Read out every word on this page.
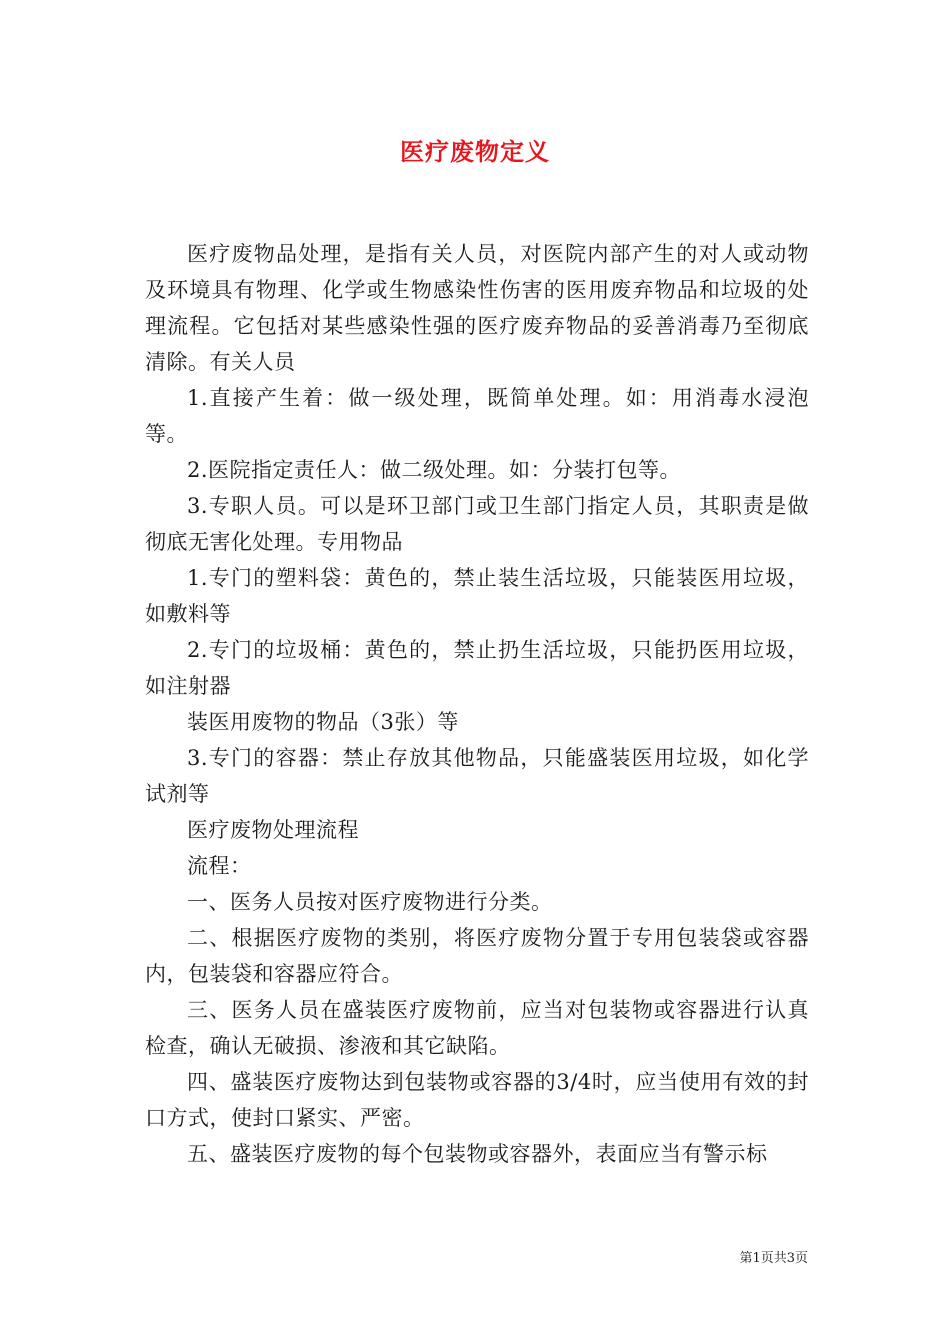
医疗废物定义

医疗废物品处理，是指有关人员，对医院内部产生的对人或动物及环境具有物理、化学或生物感染性伤害的医用废弃物品和垃圾的处理流程。它包括对某些感染性强的医疗废弃物品的妥善消毒乃至彻底清除。有关人员

1.直接产生着：做一级处理，既简单处理。如：用消毒水浸泡等。

2.医院指定责任人：做二级处理。如：分装打包等。

3.专职人员。可以是环卫部门或卫生部门指定人员，其职责是做彻底无害化处理。专用物品

1.专门的塑料袋：黄色的，禁止装生活垃圾，只能装医用垃圾，如敷料等

2.专门的垃圾桶：黄色的，禁止扔生活垃圾，只能扔医用垃圾，如注射器

装医用废物的物品（3张）等

3.专门的容器：禁止存放其他物品，只能盛装医用垃圾，如化学试剂等

医疗废物处理流程

流程：

一、医务人员按对医疗废物进行分类。

二、根据医疗废物的类别，将医疗废物分置于专用包装袋或容器内，包装袋和容器应符合。

三、医务人员在盛装医疗废物前，应当对包装物或容器进行认真检查，确认无破损、渗液和其它缺陷。

四、盛装医疗废物达到包装物或容器的3/4时，应当使用有效的封口方式，使封口紧实、严密。

五、盛装医疗废物的每个包装物或容器外，表面应当有警示标

第1页共3页
